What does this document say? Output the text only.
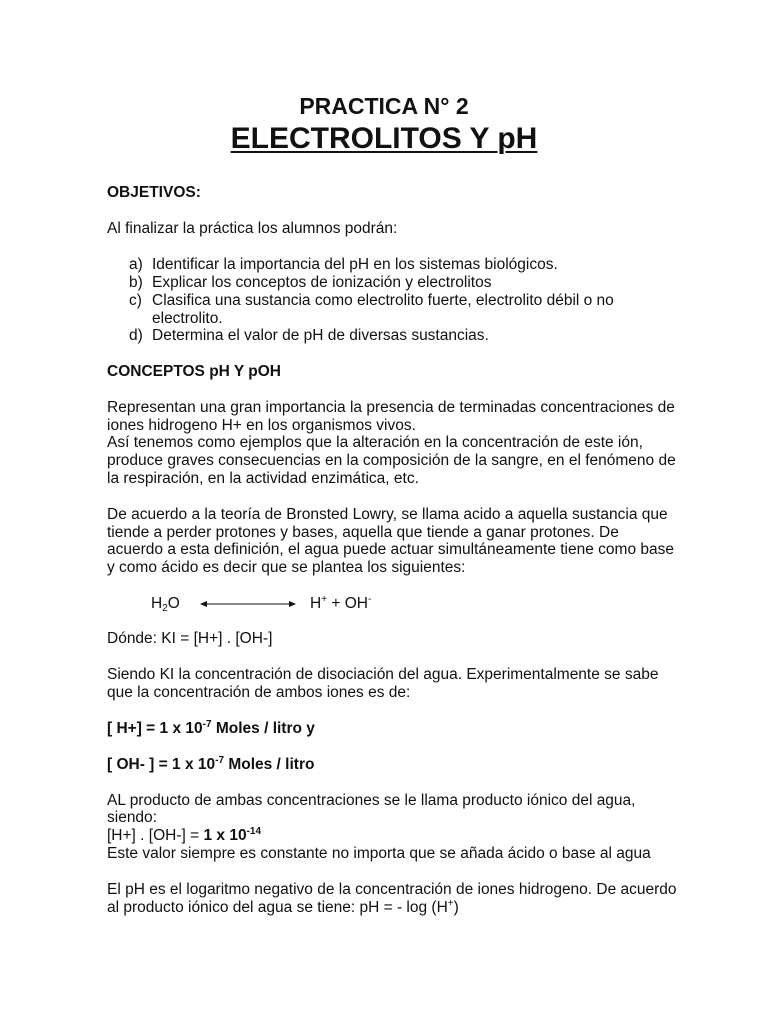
PRACTICA N° 2
ELECTROLITOS Y pH
OBJETIVOS:
Al finalizar la práctica los alumnos podrán:
a) Identificar la importancia del pH en los sistemas biológicos.
b) Explicar los conceptos de ionización y electrolitos
c) Clasifica una sustancia como electrolito fuerte, electrolito débil o no
electrolito.
d) Determina el valor de pH de diversas sustancias.
CONCEPTOS pH Y pOH
Representan una gran importancia la presencia de terminadas concentraciones de
iones hidrogeno H+ en los organismos vivos.
Así tenemos como ejemplos que la alteración en la concentración de este ión,
produce graves consecuencias en la composición de la sangre, en el fenómeno de
la respiración, en la actividad enzimática, etc.
De acuerdo a la teoría de Bronsted Lowry, se llama acido a aquella sustancia que
tiende a perder protones y bases, aquella que tiende a ganar protones. De
acuerdo a esta definición, el agua puede actuar simultáneamente tiene como base
y como ácido es decir que se plantea los siguientes:
$H_2O$	H+ + OH-
Dónde: KI = [H+] . [OH-]
Siendo KI la concentración de disociación del agua. Experimentalmente se sabe
que la concentración de ambos iones es de:
[ H+] = 1 x $10^{-7}$ Moles / litro y
[ OH- ] = 1 x $10^{-7}$ Moles / litro
AL producto de ambas concentraciones se le llama producto iónico del agua,
siendo:
[H+] . [OH-] = 1 x $10^{-14}$
Este valor siempre es constante no importa que se añada ácido o base al agua
El pH es el logaritmo negativo de la concentración de iones hidrogeno. De acuerdo
al producto iónico del agua se tiene: pH = - log (H+)
